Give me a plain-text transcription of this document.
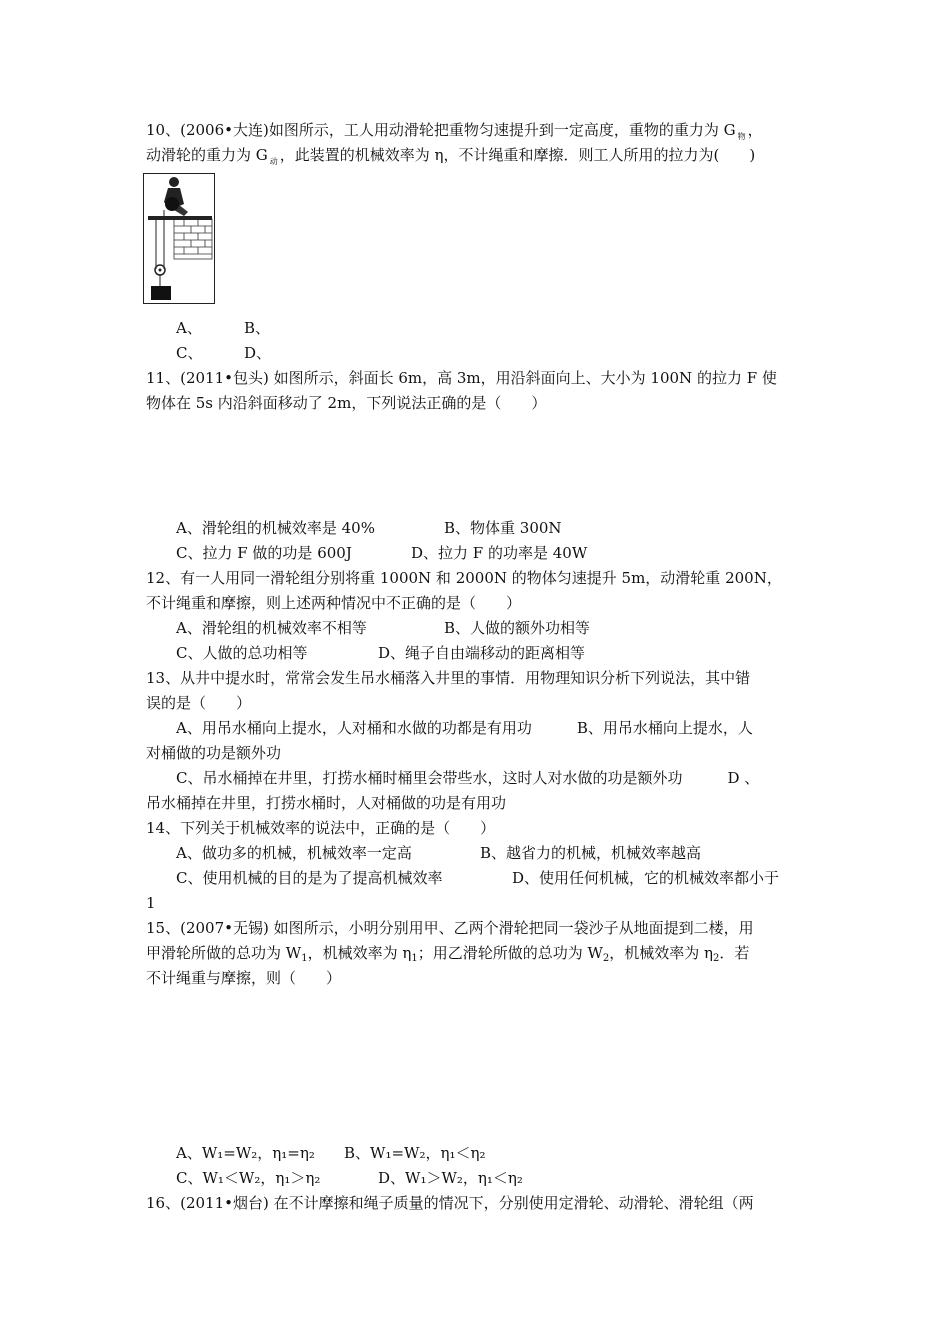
10、(2006•大连)如图所示，工人用动滑轮把重物匀速提升到一定高度，重物的重力为 G $_物$ ，
动滑轮的重力为 G $_动$ ，此装置的机械效率为 η，不计绳重和摩擦．则工人所用的拉力为(　　)
A、	B、
C、	D、
11、(2011•包头) 如图所示，斜面长 6m，高 3m，用沿斜面向上、大小为 100N 的拉力 F 使
物体在 5s 内沿斜面移动了 2m，下列说法正确的是（　　）
A、滑轮组的机械效率是 40%	B、物体重 300N
C、拉力 F 做的功是 600J	D、拉力 F 的功率是 40W
12、有一人用同一滑轮组分别将重 1000N 和 2000N 的物体匀速提升 5m，动滑轮重 200N，
不计绳重和摩擦，则上述两种情况中不正确的是（　　）
A、滑轮组的机械效率不相等	B、人做的额外功相等
C、人做的总功相等	D、绳子自由端移动的距离相等
13、从井中提水时，常常会发生吊水桶落入井里的事情．用物理知识分析下列说法，其中错
误的是（　　）
A、用吊水桶向上提水，人对桶和水做的功都是有用功　　　B、用吊水桶向上提水，人
对桶做的功是额外功
C、吊水桶掉在井里，打捞水桶时桶里会带些水，这时人对水做的功是额外功　　　D 、
吊水桶掉在井里，打捞水桶时，人对桶做的功是有用功
14、下列关于机械效率的说法中，正确的是（　　）
A、做功多的机械，机械效率一定高	B、越省力的机械，机械效率越高
C、使用机械的目的是为了提高机械效率	D、使用任何机械，它的机械效率都小于
1
15、(2007•无锡) 如图所示，小明分别用甲、乙两个滑轮把同一袋沙子从地面提到二楼，用
甲滑轮所做的总功为 $W_1$，机械效率为 $\eta_1$；用乙滑轮所做的总功为 $W_2$，机械效率为 $\eta_2$．若
不计绳重与摩擦，则（　　）
A、W₁=W₂，η₁=η₂ B、W₁=W₂，η₁＜η₂
C、W₁＜W₂，η₁＞η₂	D、W₁＞W₂，η₁＜η₂
16、(2011•烟台) 在不计摩擦和绳子质量的情况下，分别使用定滑轮、动滑轮、滑轮组（两
